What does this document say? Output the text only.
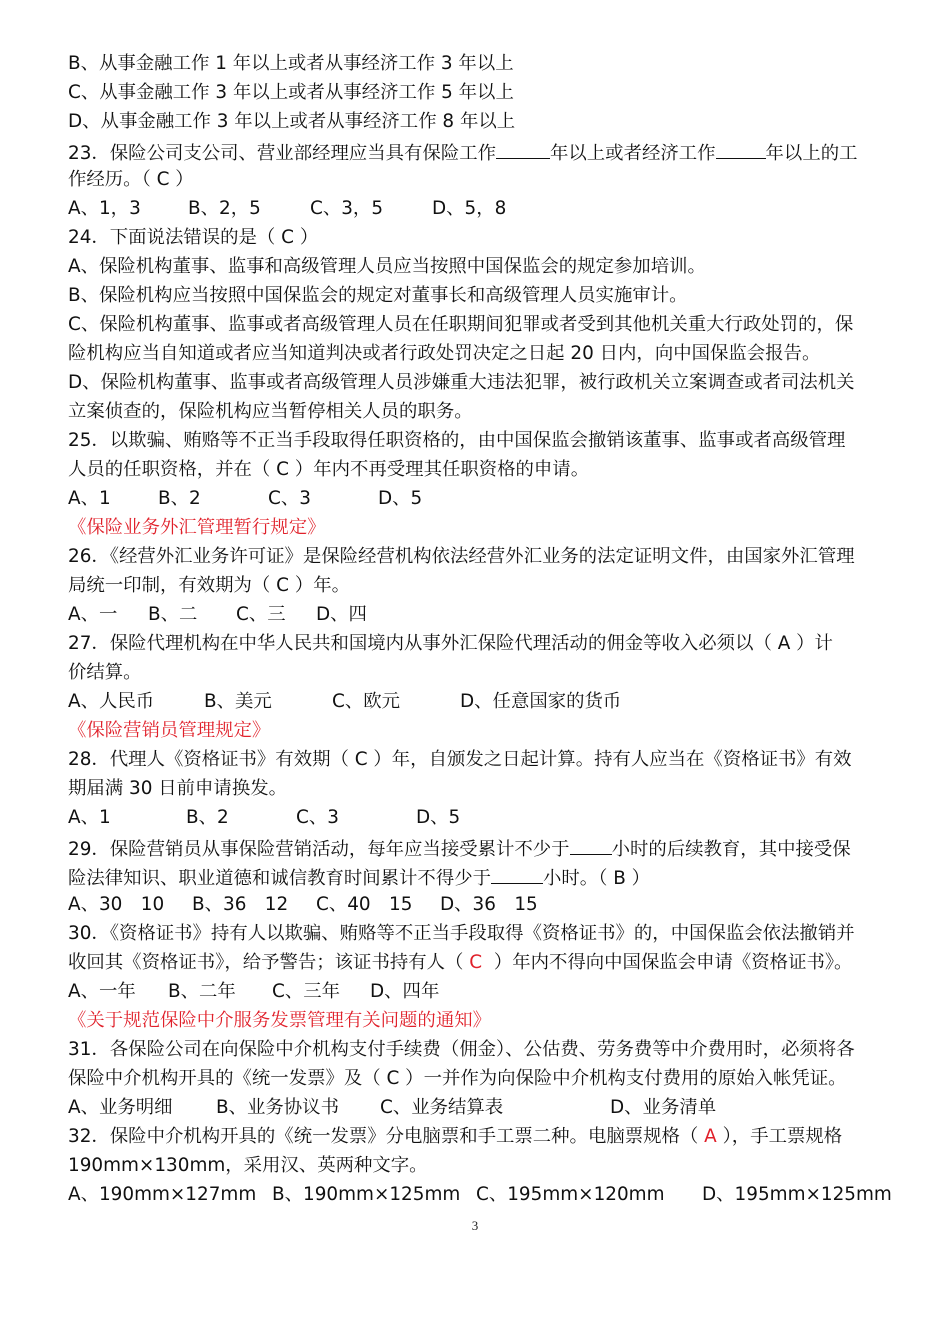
B、从事金融工作 1 年以上或者从事经济工作 3 年以上
C、从事金融工作 3 年以上或者从事经济工作 5 年以上
D、从事金融工作 3 年以上或者从事经济工作 8 年以上
23．保险公司支公司、营业部经理应当具有保险工作	年以上或者经济工作	年以上的工
作经历。（ C ）
A、1，3	B、2，5	C、3，5	D、5，8
24．下面说法错误的是（ C ）
A、保险机构董事、监事和高级管理人员应当按照中国保监会的规定参加培训。
B、保险机构应当按照中国保监会的规定对董事长和高级管理人员实施审计。
C、保险机构董事、监事或者高级管理人员在任职期间犯罪或者受到其他机关重大行政处罚的，保
险机构应当自知道或者应当知道判决或者行政处罚决定之日起 20 日内，向中国保监会报告。
D、保险机构董事、监事或者高级管理人员涉嫌重大违法犯罪，被行政机关立案调查或者司法机关
立案侦查的，保险机构应当暂停相关人员的职务。
25．以欺骗、贿赂等不正当手段取得任职资格的，由中国保监会撤销该董事、监事或者高级管理
人员的任职资格，并在（ C ）年内不再受理其任职资格的申请。
A、1	B、2	C、3	D、5
《保险业务外汇管理暂行规定》
26．《经营外汇业务许可证》是保险经营机构依法经营外汇业务的法定证明文件，由国家外汇管理
局统一印制，有效期为（ C ）年。
A、一 B、二 C、三 D、四
27．保险代理机构在中华人民共和国境内从事外汇保险代理活动的佣金等收入必须以（ A ）计
价结算。
A、人民币	B、美元	C、欧元	D、任意国家的货币
《保险营销员管理规定》
28．代理人《资格证书》有效期（ C ）年，自颁发之日起计算。持有人应当在《资格证书》有效
期届满 30 日前申请换发。
A、1	B、2	C、3	D、5
29．保险营销员从事保险营销活动，每年应当接受累计不少于 小时的后续教育，其中接受保
险法律知识、职业道德和诚信教育时间累计不得少于	小时。（ B ）
A、30　10 B、36　12 C、40　15 D、36　15
30．《资格证书》持有人以欺骗、贿赂等不正当手段取得《资格证书》的，中国保监会依法撤销并
收回其《资格证书》，给予警告；该证书持有人（ C ）年内不得向中国保监会申请《资格证书》。
A、一年 B、二年 C、三年 D、四年
《关于规范保险中介服务发票管理有关问题的通知》
31．各保险公司在向保险中介机构支付手续费（佣金）、公估费、劳务费等中介费用时，必须将各
保险中介机构开具的《统一发票》及（ C ）一并作为向保险中介机构支付费用的原始入帐凭证。
A、业务明细 B、业务协议书 C、业务结算表	D、业务清单
32．保险中介机构开具的《统一发票》分电脑票和手工票二种。电脑票规格（ A ），手工票规格
190mm×130mm，采用汉、英两种文字。
A、190mm×127mm B、190mm×125mm C、195mm×120mm D、195mm×125mm
3
